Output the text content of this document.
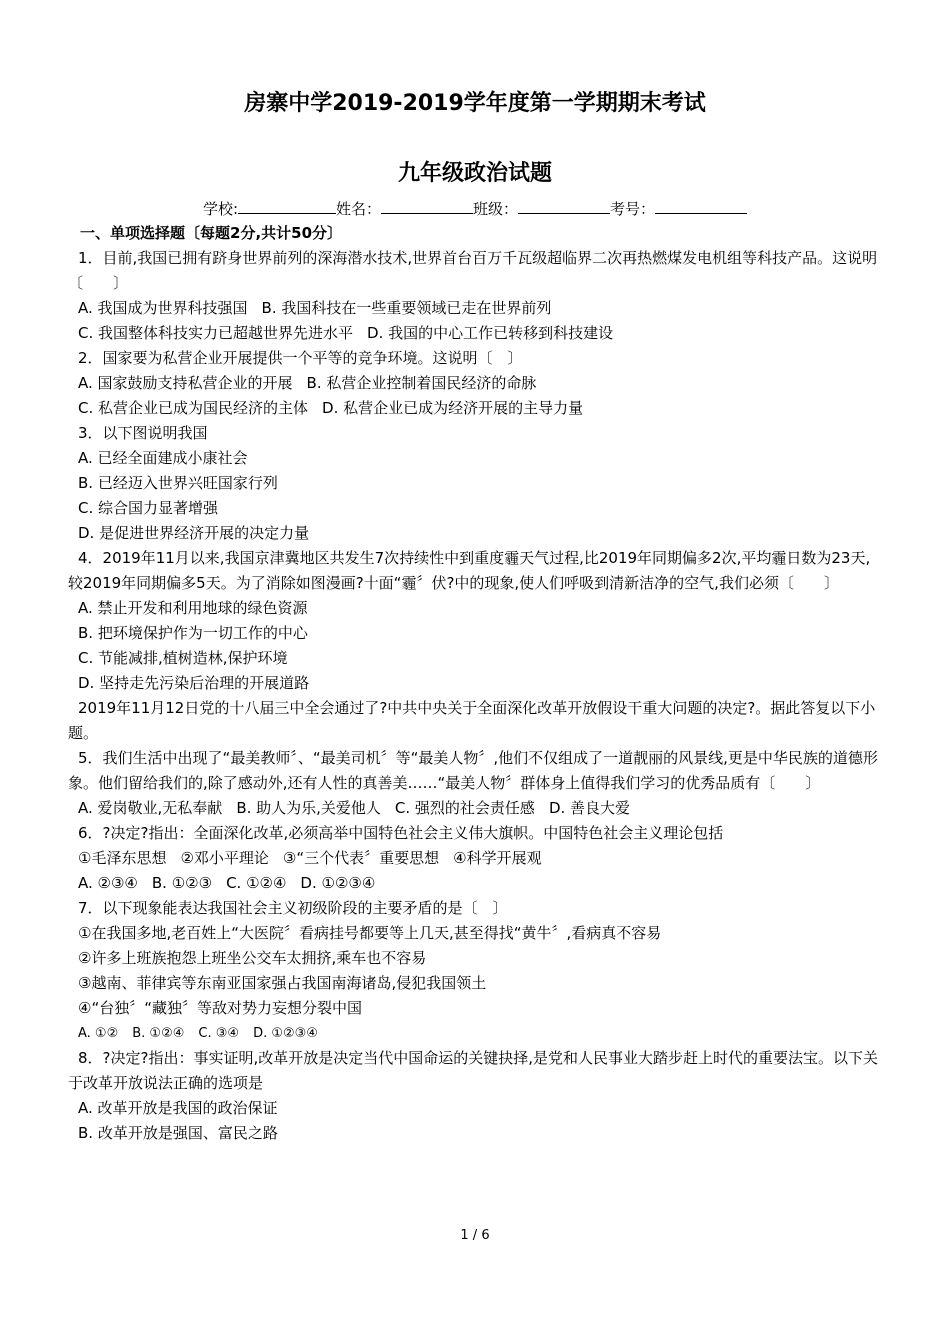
房寨中学2019-2019学年度第一学期期末考试
九年级政治试题
学校:	姓名：	班级：	考号：
一、单项选择题〔每题2分,共计50分〕

1．目前,我国已拥有跻身世界前列的深海潜水技术,世界首台百万千瓦级超临界二次再热燃煤发电机组等科技产品。这说明〔　　〕

A. 我国成为世界科技强国 B. 我国科技在一些重要领域已走在世界前列
C. 我国整体科技实力已超越世界先进水平 D. 我国的中心工作已转移到科技建设

2．国家要为私营企业开展提供一个平等的竞争环境。这说明〔　〕

A. 国家鼓励支持私营企业的开展 B. 私营企业控制着国民经济的命脉
C. 私营企业已成为国民经济的主体 D. 私营企业已成为经济开展的主导力量

3．以下图说明我国

A. 已经全面建成小康社会
B. 已经迈入世界兴旺国家行列
C. 综合国力显著增强
D. 是促进世界经济开展的决定力量

4．2019年11月以来,我国京津冀地区共发生7次持续性中到重度霾天气过程,比2019年同期偏多2次,平均霾日数为23天,较2019年同期偏多5天。为了消除如图漫画?十面“霾〞伏?中的现象,使人们呼吸到清新洁净的空气,我们必须〔　　〕

A. 禁止开发和利用地球的绿色资源
B. 把环境保护作为一切工作的中心
C. 节能减排,植树造林,保护环境
D. 坚持走先污染后治理的开展道路

2019年11月12日党的十八届三中全会通过了?中共中央关于全面深化改革开放假设干重大问题的决定?。据此答复以下小题。

5．我们生活中出现了“最美教师〞、“最美司机〞等“最美人物〞,他们不仅组成了一道靓丽的风景线,更是中华民族的道德形象。他们留给我们的,除了感动外,还有人性的真善美……“最美人物〞群体身上值得我们学习的优秀品质有〔　　〕

A. 爱岗敬业,无私奉献 B. 助人为乐,关爱他人 C. 强烈的社会责任感 D. 善良大爱

6．?决定?指出：全面深化改革,必须高举中国特色社会主义伟大旗帜。中国特色社会主义理论包括

①毛泽东思想 ②邓小平理论 ③“三个代表〞重要思想 ④科学开展观
A. ②③④ B. ①②③ C. ①②④ D. ①②③④

7．以下现象能表达我国社会主义初级阶段的主要矛盾的是〔　〕

①在我国多地,老百姓上“大医院〞看病挂号都要等上几天,甚至得找“黄牛〞,看病真不容易
②许多上班族抱怨上班坐公交车太拥挤,乘车也不容易
③越南、菲律宾等东南亚国家强占我国南海诸岛,侵犯我国领土
④“台独〞“藏独〞等敌对势力妄想分裂中国
A. ①② B. ①②④ C. ③④ D. ①②③④

8．?决定?指出：事实证明,改革开放是决定当代中国命运的关键抉择,是党和人民事业大踏步赶上时代的重要法宝。以下关于改革开放说法正确的选项是

A. 改革开放是我国的政治保证
B. 改革开放是强国、富民之路
1 / 6
